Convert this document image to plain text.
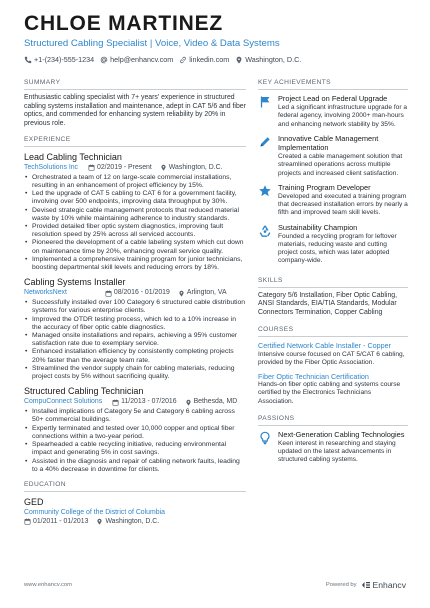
CHLOE MARTINEZ
Structured Cabling Specialist | Voice, Video & Data Systems
+1-(234)-555-1234 help@enhancv.com linkedin.com Washington, D.C.
SUMMARY
Enthusiastic cabling specialist with 7+ years' experience in structured cabling systems installation and maintenance, adept in CAT 5/6 and fiber optics, and commended for enhancing system reliability by 20% in previous role.
EXPERIENCE
Lead Cabling Technician
TechSolutions Inc	02/2019 - Present Washington, D.C.
• Orchestrated a team of 12 on large-scale commercial installations, resulting in an enhancement of project efficiency by 15%.
• Led the upgrade of CAT 5 cabling to CAT 6 for a government facility, involving over 500 endpoints, improving data throughput by 30%.
• Devised strategic cable management protocols that reduced material waste by 10% while maintaining adherence to industry standards.
• Provided detailed fiber optic system diagnostics, improving fault resolution speed by 25% across all serviced accounts.
• Pioneered the development of a cable labeling system which cut down on maintenance time by 20%, enhancing overall service quality.
• Implemented a comprehensive training program for junior technicians, boosting departmental skill levels and reducing errors by 18%.
Cabling Systems Installer
NetworksNext	08/2016 - 01/2019 Arlington, VA
• Successfully installed over 100 Category 6 structured cable distribution systems for various enterprise clients.
• Improved the OTDR testing process, which led to a 10% increase in the accuracy of fiber optic cable diagnostics.
• Managed onsite installations and repairs, achieving a 95% customer satisfaction rate due to exemplary service.
• Enhanced installation efficiency by consistently completing projects 20% faster than the average team rate.
• Streamlined the vendor supply chain for cabling materials, reducing project costs by 5% without sacrificing quality.
Structured Cabling Technician
CompuConnect Solutions	11/2013 - 07/2016 Bethesda, MD
• Installed implications of Category 5e and Category 6 cabling across 50+ commercial buildings.
• Expertly terminated and tested over 10,000 copper and optical fiber connections within a two-year period.
• Spearheaded a cable recycling initiative, reducing environmental impact and generating 5% in cost savings.
• Assisted in the diagnosis and repair of cabling network faults, leading to a 40% decrease in downtime for clients.
EDUCATION
GED
Community College of the District of Columbia
01/2011 - 01/2013 Washington, D.C.
KEY ACHIEVEMENTS
Project Lead on Federal Upgrade
Led a significant infrastructure upgrade for a federal agency, involving 2000+ man-hours and enhancing network stability by 35%.
Innovative Cable Management Implementation
Created a cable management solution that streamlined operations across multiple projects and increased client satisfaction.
Training Program Developer
Developed and executed a training program that decreased installation errors by nearly a fifth and improved team skill levels.
Sustainability Champion
Founded a recycling program for leftover materials, reducing waste and cutting project costs, which was later adopted company-wide.
SKILLS
Category 5/6 Installation, Fiber Optic Cabling, ANSI Standards, EIA/TIA Standards, Modular Connectors Termination, Copper Cabling
COURSES
Certified Network Cable Installer - Copper
Intensive course focused on CAT 5/CAT 6 cabling, provided by the Fiber Optic Association.
Fiber Optic Technician Certification
Hands-on fiber optic cabling and systems course certified by the Electronics Technicians Association.
PASSIONS
Next-Generation Cabling Technologies
Keen interest in researching and staying updated on the latest advancements in structured cabling systems.
www.enhancv.com	Powered by Enhancv
